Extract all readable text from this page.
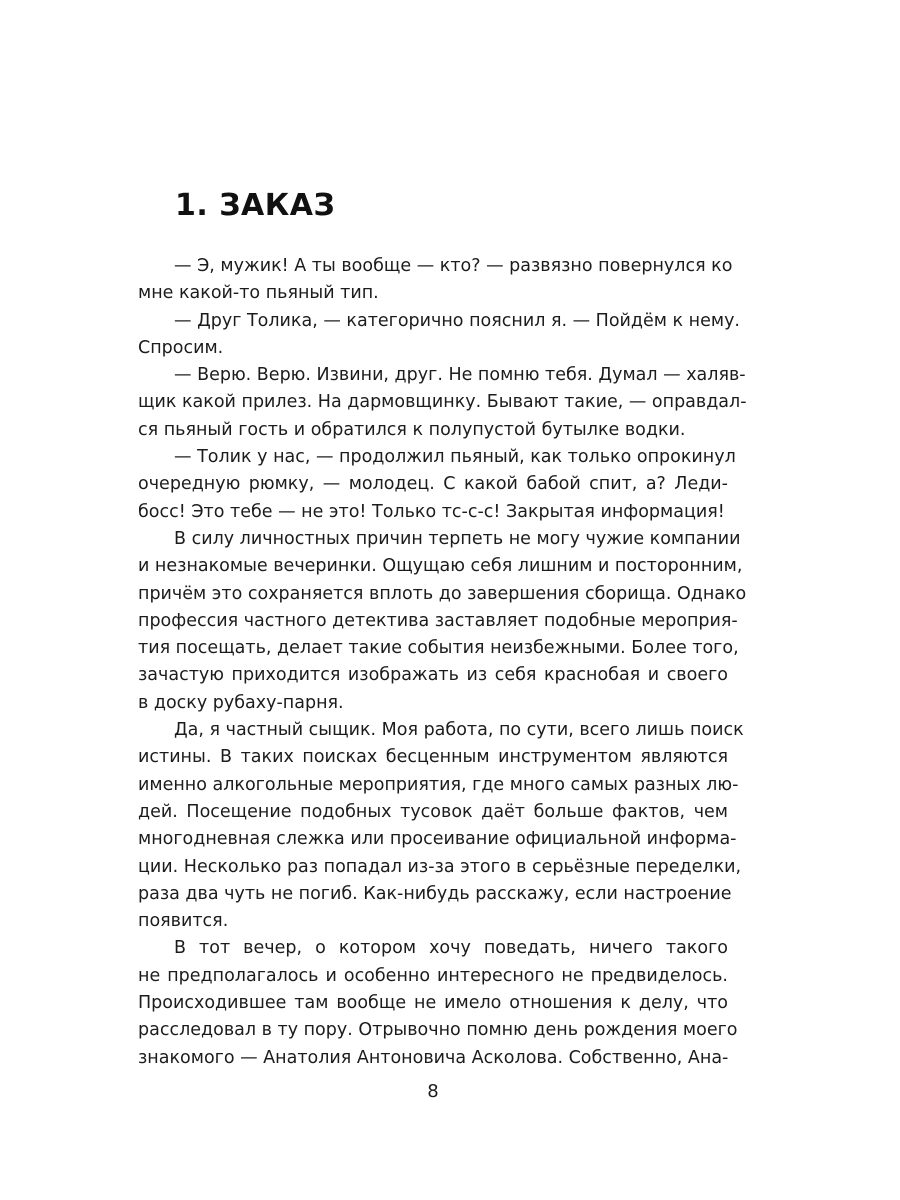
1. ЗАКАЗ

— Э, мужик! А ты вообще — кто? — развязно повернулся ко
мне какой-то пьяный тип.

— Друг Толика, — категорично пояснил я. — Пойдём к нему.
Спросим.

— Верю. Верю. Извини, друг. Не помню тебя. Думал — халяв-
щик какой прилез. На дармовщинку. Бывают такие, — оправдал-
ся пьяный гость и обратился к полупустой бутылке водки.

— Толик у нас, — продолжил пьяный, как только опрокинул
очередную рюмку, — молодец. С какой бабой спит, а? Леди-
босс! Это тебе — не это! Только тс-с-с! Закрытая информация!

В силу личностных причин терпеть не могу чужие компании
и незнакомые вечеринки. Ощущаю себя лишним и посторонним,
причём это сохраняется вплоть до завершения сборища. Однако
профессия частного детектива заставляет подобные мероприя-
тия посещать, делает такие события неизбежными. Более того,
зачастую приходится изображать из себя краснобая и своего
в доску рубаху-парня.

Да, я частный сыщик. Моя работа, по сути, всего лишь поиск
истины. В таких поисках бесценным инструментом являются
именно алкогольные мероприятия, где много самых разных лю-
дей. Посещение подобных тусовок даёт больше фактов, чем
многодневная слежка или просеивание официальной информа-
ции. Несколько раз попадал из-за этого в серьёзные переделки,
раза два чуть не погиб. Как-нибудь расскажу, если настроение
появится.

В тот вечер, о котором хочу поведать, ничего такого
не предполагалось и особенно интересного не предвиделось.
Происходившее там вообще не имело отношения к делу, что
расследовал в ту пору. Отрывочно помню день рождения моего
знакомого — Анатолия Антоновича Асколова. Собственно, Ана-

8
